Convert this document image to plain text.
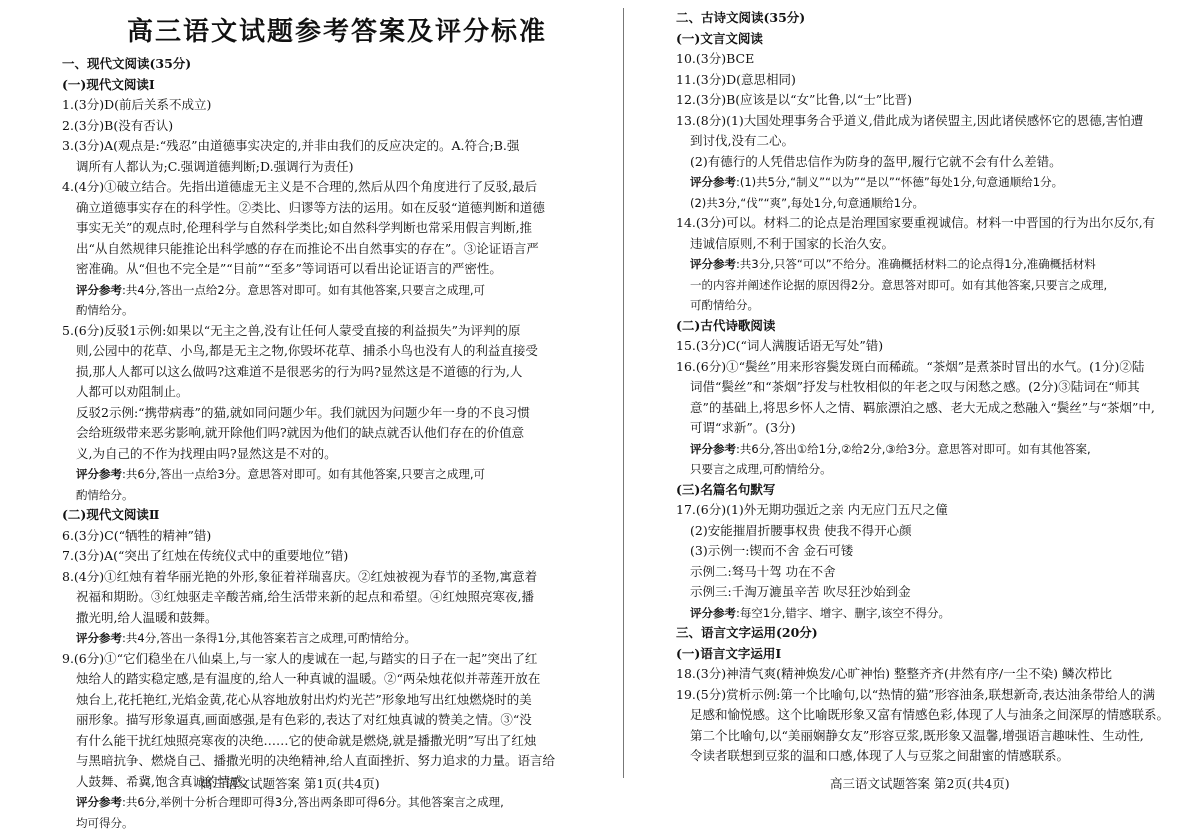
高三语文试题参考答案及评分标准
一、现代文阅读(35分)
(一)现代文阅读Ⅰ

1.(3分)D(前后关系不成立)

2.(3分)B(没有否认)

3.(3分)A(观点是:“残忍”由道德事实决定的,并非由我们的反应决定的。A.符合;B.强

调所有人都认为;C.强调道德判断;D.强调行为责任)

4.(4分)①破立结合。先指出道德虚无主义是不合理的,然后从四个角度进行了反驳,最后

确立道德事实存在的科学性。②类比、归谬等方法的运用。如在反驳“道德判断和道德

事实无关”的观点时,伦理科学与自然科学类比;如自然科学判断也常采用假言判断,推

出“从自然规律只能推论出科学感的存在而推论不出自然事实的存在”。③论证语言严

密准确。从“但也不完全是”“目前”“至多”等词语可以看出论证语言的严密性。

评分参考:共4分,答出一点给2分。意思答对即可。如有其他答案,只要言之成理,可

酌情给分。

5.(6分)反驳1示例:如果以“无主之兽,没有让任何人蒙受直接的利益损失”为评判的原

则,公园中的花草、小鸟,都是无主之物,你毁坏花草、捕杀小鸟也没有人的利益直接受

损,那人人都可以这么做吗?这难道不是很恶劣的行为吗?显然这是不道德的行为,人

人都可以劝阻制止。

反驳2示例:“携带病毒”的猫,就如同问题少年。我们就因为问题少年一身的不良习惯

会给班级带来恶劣影响,就开除他们吗?就因为他们的缺点就否认他们存在的价值意

义,为自己的不作为找理由吗?显然这是不对的。

评分参考:共6分,答出一点给3分。意思答对即可。如有其他答案,只要言之成理,可

酌情给分。

(二)现代文阅读Ⅱ

6.(3分)C(“牺牲的精神”错)

7.(3分)A(“突出了红烛在传统仪式中的重要地位”错)

8.(4分)①红烛有着华丽光艳的外形,象征着祥瑞喜庆。②红烛被视为春节的圣物,寓意着

祝福和期盼。③红烛驱走辛酸苦痛,给生活带来新的起点和希望。④红烛照亮寒夜,播

撒光明,给人温暖和鼓舞。

评分参考:共4分,答出一条得1分,其他答案若言之成理,可酌情给分。

9.(6分)①“它们稳坐在八仙桌上,与一家人的虔诚在一起,与踏实的日子在一起”突出了红

烛给人的踏实稳定感,是有温度的,给人一种真诚的温暖。②“两朵烛花似并蒂莲开放在

烛台上,花托艳红,光焰金黄,花心从容地放射出灼灼光芒”形象地写出红烛燃烧时的美

丽形象。描写形象逼真,画面感强,是有色彩的,表达了对红烛真诚的赞美之情。③“没

有什么能干扰红烛照亮寒夜的决绝……它的使命就是燃烧,就是播撒光明”写出了红烛

与黑暗抗争、燃烧自己、播撒光明的决绝精神,给人直面挫折、努力追求的力量。语言给

人鼓舞、希冀,饱含真诚的情感。

评分参考:共6分,举例十分析合理即可得3分,答出两条即可得6分。其他答案言之成理,

均可得分。

二、古诗文阅读(35分)
(一)文言文阅读

10.(3分)BCE

11.(3分)D(意思相同)

12.(3分)B(应该是以“女”比鲁,以“士”比晋)

13.(8分)(1)大国处理事务合乎道义,借此成为诸侯盟主,因此诸侯感怀它的恩德,害怕遭

到讨伐,没有二心。

(2)有德行的人凭借忠信作为防身的盔甲,履行它就不会有什么差错。

评分参考:(1)共5分,“制义”“以为”“是以”“怀德”每处1分,句意通顺给1分。

(2)共3分,“伐”“爽”,每处1分,句意通顺给1分。

14.(3分)可以。材料二的论点是治理国家要重视诚信。材料一中晋国的行为出尔反尔,有

违诚信原则,不利于国家的长治久安。

评分参考:共3分,只答“可以”不给分。准确概括材料二的论点得1分,准确概括材料

一的内容并阐述作论据的原因得2分。意思答对即可。如有其他答案,只要言之成理,

可酌情给分。

(二)古代诗歌阅读

15.(3分)C(“词人满腹话语无写处”错)

16.(6分)①“鬓丝”用来形容鬓发斑白而稀疏。“茶烟”是煮茶时冒出的水气。(1分)②陆

词借“鬓丝”和“茶烟”抒发与杜牧相似的年老之叹与闲愁之感。(2分)③陆词在“师其

意”的基础上,将思乡怀人之情、羁旅漂泊之感、老大无成之愁融入“鬓丝”与“茶烟”中,

可谓“求新”。(3分)

评分参考:共6分,答出①给1分,②给2分,③给3分。意思答对即可。如有其他答案,

只要言之成理,可酌情给分。

(三)名篇名句默写

17.(6分)(1)外无期功强近之亲 内无应门五尺之僮

(2)安能摧眉折腰事权贵 使我不得开心颜

(3)示例一:锲而不舍 金石可镂

示例二:驽马十驾 功在不舍

示例三:千淘万漉虽辛苦 吹尽狂沙始到金

评分参考:每空1分,错字、增字、删字,该空不得分。

三、语言文字运用(20分)
(一)语言文字运用Ⅰ

18.(3分)神清气爽(精神焕发/心旷神怡) 整整齐齐(井然有序/一尘不染) 鳞次栉比

19.(5分)赏析示例:第一个比喻句,以“热情的猫”形容油条,联想新奇,表达油条带给人的满

足感和愉悦感。这个比喻既形象又富有情感色彩,体现了人与油条之间深厚的情感联系。

第二个比喻句,以“美丽娴静女友”形容豆浆,既形象又温馨,增强语言趣味性、生动性,

令读者联想到豆浆的温和口感,体现了人与豆浆之间甜蜜的情感联系。

高三语文试题答案 第1页(共4页)	高三语文试题答案 第2页(共4页)
